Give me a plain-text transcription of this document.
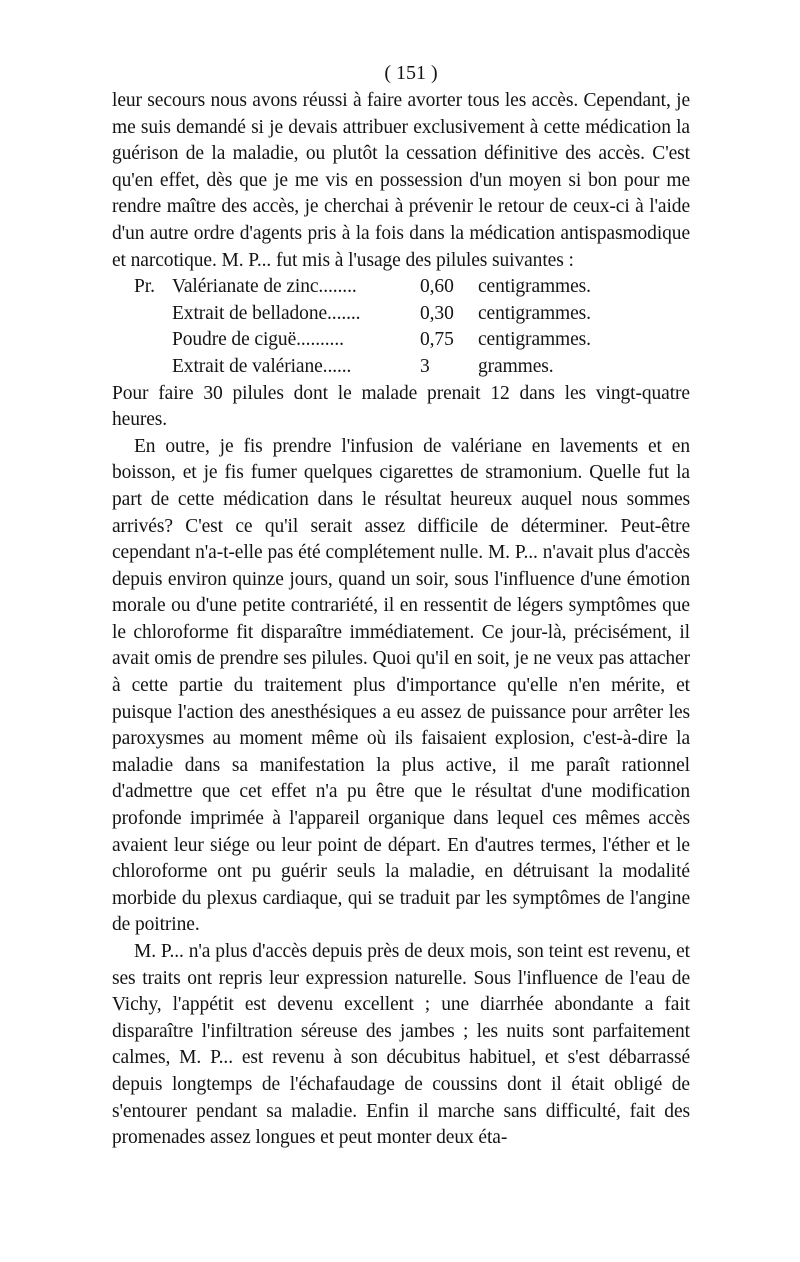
( 151 )

leur secours nous avons réussi à faire avorter tous les accès. Cependant, je me suis demandé si je devais attribuer exclusivement à cette médication la guérison de la maladie, ou plutôt la cessation définitive des accès. C'est qu'en effet, dès que je me vis en possession d'un moyen si bon pour me rendre maître des accès, je cherchai à prévenir le retour de ceux-ci à l'aide d'un autre ordre d'agents pris à la fois dans la médication antispasmodique et narcotique. M. P... fut mis à l'usage des pilules suivantes :

Pr. Valérianate de zinc........	0,60	centigrammes.
Extrait de belladone.......	0,30	centigrammes.
Poudre de ciguë..........	0,75	centigrammes.
Extrait de valériane......	3	grammes.

Pour faire 30 pilules dont le malade prenait 12 dans les vingt-quatre heures.

En outre, je fis prendre l'infusion de valériane en lavements et en boisson, et je fis fumer quelques cigarettes de stramonium. Quelle fut la part de cette médication dans le résultat heureux auquel nous sommes arrivés? C'est ce qu'il serait assez difficile de déterminer. Peut-être cependant n'a-t-elle pas été complétement nulle. M. P... n'avait plus d'accès depuis environ quinze jours, quand un soir, sous l'influence d'une émotion morale ou d'une petite contrariété, il en ressentit de légers symptômes que le chloroforme fit disparaître immédiatement. Ce jour-là, précisément, il avait omis de prendre ses pilules. Quoi qu'il en soit, je ne veux pas attacher à cette partie du traitement plus d'importance qu'elle n'en mérite, et puisque l'action des anesthésiques a eu assez de puissance pour arrêter les paroxysmes au moment même où ils faisaient explosion, c'est-à-dire la maladie dans sa manifestation la plus active, il me paraît rationnel d'admettre que cet effet n'a pu être que le résultat d'une modification profonde imprimée à l'appareil organique dans lequel ces mêmes accès avaient leur siége ou leur point de départ. En d'autres termes, l'éther et le chloroforme ont pu guérir seuls la maladie, en détruisant la modalité morbide du plexus cardiaque, qui se traduit par les symptômes de l'angine de poitrine.

M. P... n'a plus d'accès depuis près de deux mois, son teint est revenu, et ses traits ont repris leur expression naturelle. Sous l'influence de l'eau de Vichy, l'appétit est devenu excellent ; une diarrhée abondante a fait disparaître l'infiltration séreuse des jambes ; les nuits sont parfaitement calmes, M. P... est revenu à son décubitus habituel, et s'est débarrassé depuis longtemps de l'échafaudage de coussins dont il était obligé de s'entourer pendant sa maladie. Enfin il marche sans difficulté, fait des promenades assez longues et peut monter deux éta-
